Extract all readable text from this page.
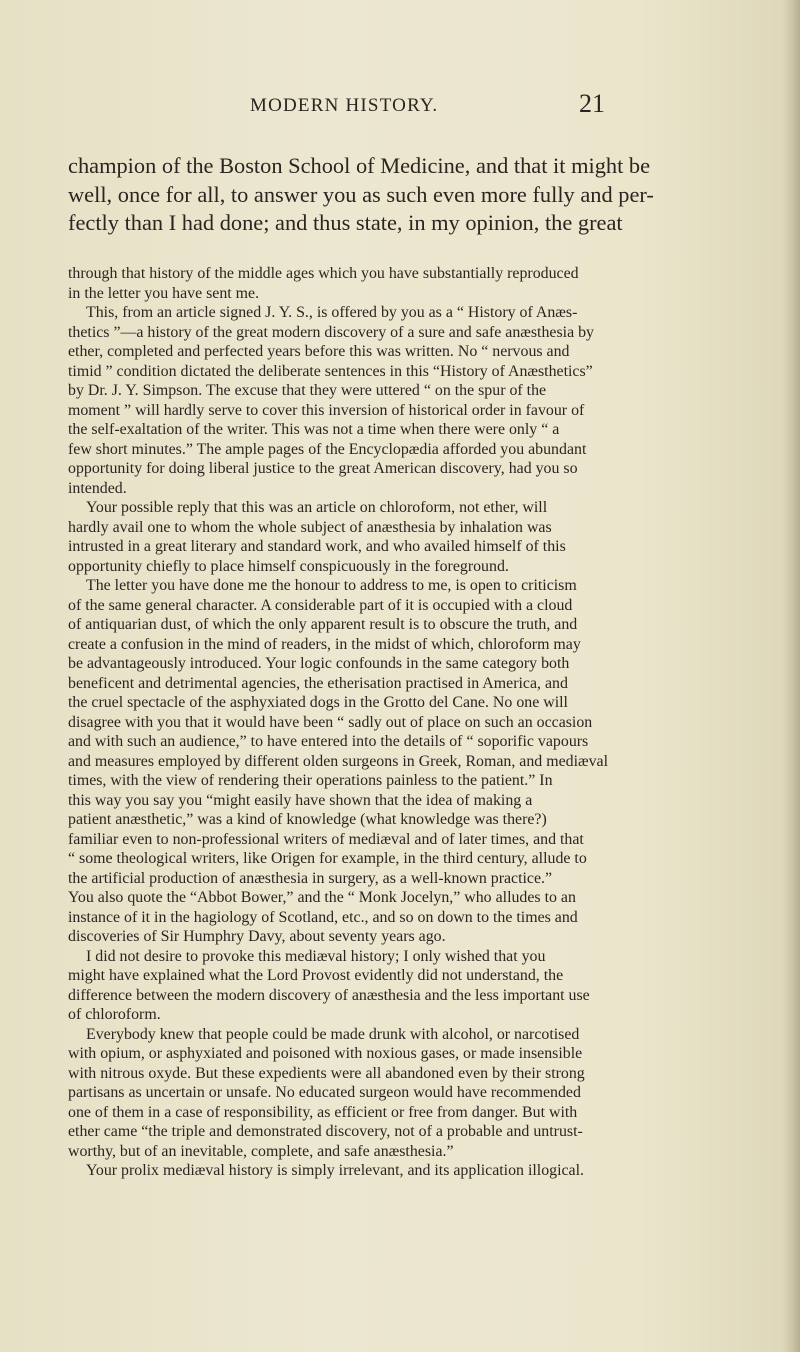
MODERN HISTORY.	21
champion of the Boston School of Medicine, and that it might be
well, once for all, to answer you as such even more fully and per-
fectly than I had done; and thus state, in my opinion, the great
through that history of the middle ages which you have substantially reproduced
in the letter you have sent me.
This, from an article signed J. Y. S., is offered by you as a “ History of Anæs-
thetics ”—a history of the great modern discovery of a sure and safe anæsthesia by
ether, completed and perfected years before this was written. No “ nervous and
timid ” condition dictated the deliberate sentences in this “History of Anæsthetics”
by Dr. J. Y. Simpson. The excuse that they were uttered “ on the spur of the
moment ” will hardly serve to cover this inversion of historical order in favour of
the self-exaltation of the writer. This was not a time when there were only “ a
few short minutes.” The ample pages of the Encyclopædia afforded you abundant
opportunity for doing liberal justice to the great American discovery, had you so
intended.
Your possible reply that this was an article on chloroform, not ether, will
hardly avail one to whom the whole subject of anæsthesia by inhalation was
intrusted in a great literary and standard work, and who availed himself of this
opportunity chiefly to place himself conspicuously in the foreground.
The letter you have done me the honour to address to me, is open to criticism
of the same general character. A considerable part of it is occupied with a cloud
of antiquarian dust, of which the only apparent result is to obscure the truth, and
create a confusion in the mind of readers, in the midst of which, chloroform may
be advantageously introduced. Your logic confounds in the same category both
beneficent and detrimental agencies, the etherisation practised in America, and
the cruel spectacle of the asphyxiated dogs in the Grotto del Cane. No one will
disagree with you that it would have been “ sadly out of place on such an occasion
and with such an audience,” to have entered into the details of “ soporific vapours
and measures employed by different olden surgeons in Greek, Roman, and mediæval
times, with the view of rendering their operations painless to the patient.” In
this way you say you “might easily have shown that the idea of making a
patient anæsthetic,” was a kind of knowledge (what knowledge was there?)
familiar even to non-professional writers of mediæval and of later times, and that
“ some theological writers, like Origen for example, in the third century, allude to
the artificial production of anæsthesia in surgery, as a well-known practice.”
You also quote the “Abbot Bower,” and the “ Monk Jocelyn,” who alludes to an
instance of it in the hagiology of Scotland, etc., and so on down to the times and
discoveries of Sir Humphry Davy, about seventy years ago.
I did not desire to provoke this mediæval history; I only wished that you
might have explained what the Lord Provost evidently did not understand, the
difference between the modern discovery of anæsthesia and the less important use
of chloroform.
Everybody knew that people could be made drunk with alcohol, or narcotised
with opium, or asphyxiated and poisoned with noxious gases, or made insensible
with nitrous oxyde. But these expedients were all abandoned even by their strong
partisans as uncertain or unsafe. No educated surgeon would have recommended
one of them in a case of responsibility, as efficient or free from danger. But with
ether came “the triple and demonstrated discovery, not of a probable and untrust-
worthy, but of an inevitable, complete, and safe anæsthesia.”
Your prolix mediæval history is simply irrelevant, and its application illogical.
